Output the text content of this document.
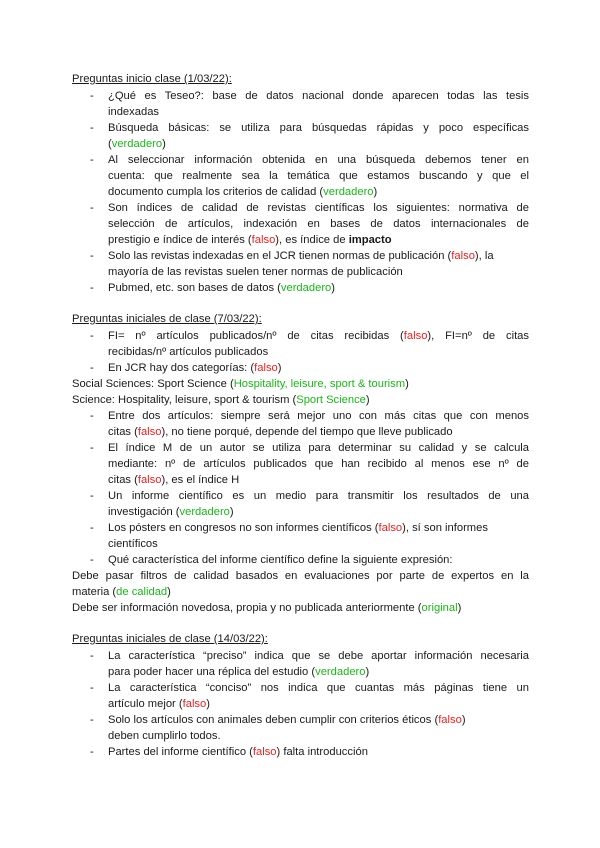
Preguntas inicio clase (1/03/22):
- ¿Qué es Teseo?: base de datos nacional donde aparecen todas las tesis
indexadas
- Búsqueda básicas: se utiliza para búsquedas rápidas y poco específicas
(verdadero)
- Al seleccionar información obtenida en una búsqueda debemos tener en
cuenta: que realmente sea la temática que estamos buscando y que el
documento cumpla los criterios de calidad (verdadero)
- Son índices de calidad de revistas científicas los siguientes: normativa de
selección de artículos, indexación en bases de datos internacionales de
prestigio e índice de interés (falso), es índice de impacto
- Solo las revistas indexadas en el JCR tienen normas de publicación (falso), la
mayoría de las revistas suelen tener normas de publicación
- Pubmed, etc. son bases de datos (verdadero)
Preguntas iniciales de clase (7/03/22):
- FI= nº artículos publicados/nº de citas recibidas (falso), FI=nº de citas
recibidas/nº artículos publicados
- En JCR hay dos categorías: (falso)
Social Sciences: Sport Science (Hospitality, leisure, sport & tourism)
Science: Hospitality, leisure, sport & tourism (Sport Science)
- Entre dos artículos: siempre será mejor uno con más citas que con menos
citas (falso), no tiene porqué, depende del tiempo que lleve publicado
- El índice M de un autor se utiliza para determinar su calidad y se calcula
mediante: nº de artículos publicados que han recibido al menos ese nº de
citas (falso), es el índice H
- Un informe científico es un medio para transmitir los resultados de una
investigación (verdadero)
- Los pósters en congresos no son informes científicos (falso), sí son informes
científicos
- Qué característica del informe científico define la siguiente expresión:
Debe pasar filtros de calidad basados en evaluaciones por parte de expertos en la
materia (de calidad)
Debe ser información novedosa, propia y no publicada anteriormente (original)
Preguntas iniciales de clase (14/03/22):
- La característica “preciso” indica que se debe aportar información necesaria
para poder hacer una réplica del estudio (verdadero)
- La característica “conciso” nos indica que cuantas más páginas tiene un
artículo mejor (falso)
- Solo los artículos con animales deben cumplir con criterios éticos (falso)
deben cumplirlo todos.
- Partes del informe científico (falso) falta introducción
